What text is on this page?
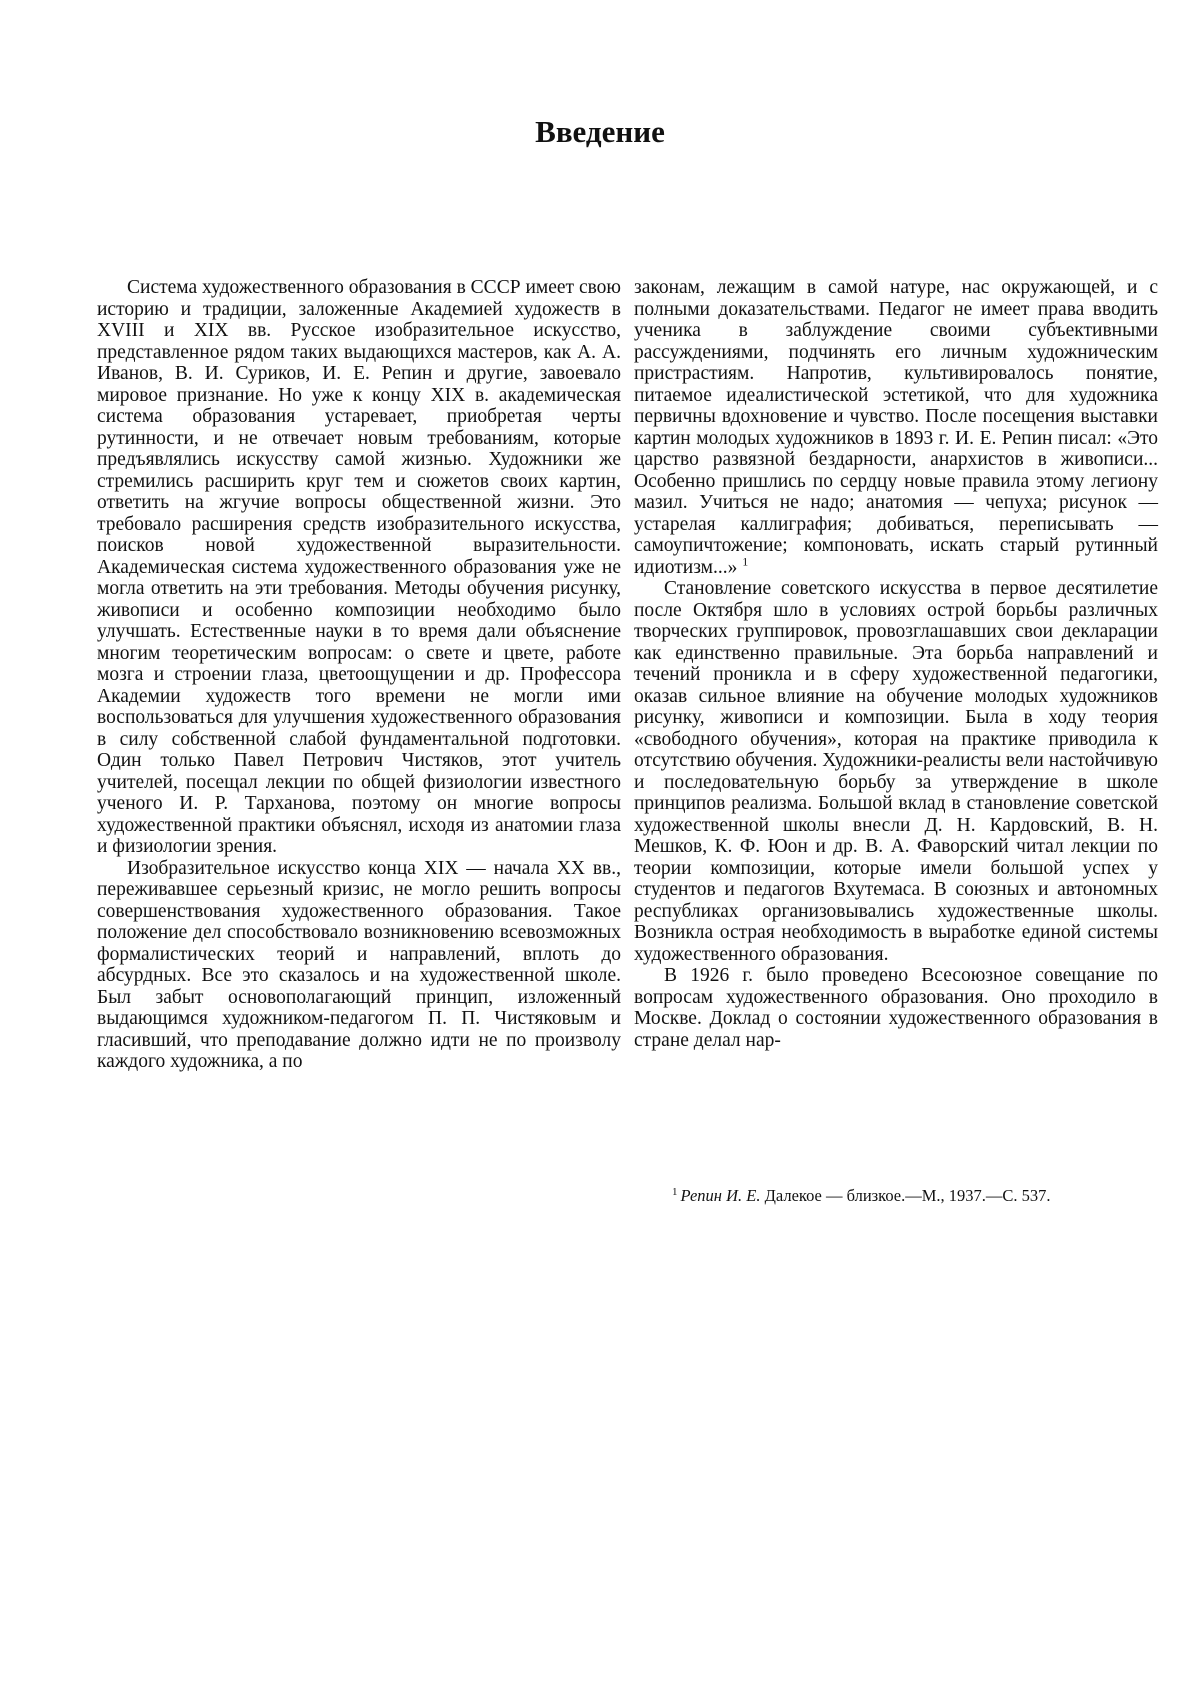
Введение

Система художественного образования в СССР имеет свою историю и традиции, заложенные Академией художеств в XVIII и XIX вв. Русское изобразительное искусство, представленное рядом таких выдающихся мастеров, как А. А. Иванов, В. И. Суриков, И. Е. Репин и другие, завоевало мировое признание. Но уже к концу XIX в. академическая система образования устаревает, приобретая черты рутинности, и не отвечает новым требованиям, которые предъявлялись искусству самой жизнью. Художники же стремились расширить круг тем и сюжетов своих картин, ответить на жгучие вопросы общественной жизни. Это требовало расширения средств изобразительного искусства, поисков новой художественной выразительности. Академическая система художественного образования уже не могла ответить на эти требования. Методы обучения рисунку, живописи и особенно композиции необходимо было улучшать. Естественные науки в то время дали объяснение многим теоретическим вопросам: о свете и цвете, работе мозга и строении глаза, цветоощущении и др. Профессора Академии художеств того времени не могли ими воспользоваться для улучшения художественного образования в силу собственной слабой фундаментальной подготовки. Один только Павел Петрович Чистяков, этот учитель учителей, посещал лекции по общей физиологии известного ученого И. Р. Тарханова, поэтому он многие вопросы художественной практики объяснял, исходя из анатомии глаза и физиологии зрения.

Изобразительное искусство конца XIX — начала XX вв., переживавшее серьезный кризис, не могло решить вопросы совершенствования художественного образования. Такое положение дел способствовало возникновению всевозможных формалистических теорий и направлений, вплоть до абсурдных. Все это сказалось и на художественной школе. Был забыт основополагающий принцип, изложенный выдающимся художником-педагогом П. П. Чистяковым и гласивший, что преподавание должно идти не по произволу каждого художника, а по

законам, лежащим в самой натуре, нас окружающей, и с полными доказательствами. Педагог не имеет права вводить ученика в заблуждение своими субъективными рассуждениями, подчинять его личным художническим пристрастиям. Напротив, культивировалось понятие, питаемое идеалистической эстетикой, что для художника первичны вдохновение и чувство. После посещения выставки картин молодых художников в 1893 г. И. Е. Репин писал: «Это царство развязной бездарности, анархистов в живописи... Особенно пришлись по сердцу новые правила этому легиону мазил. Учиться не надо; анатомия — чепуха; рисунок — устарелая каллиграфия; добиваться, переписывать — самоупичтожение; компоновать, искать старый рутинный идиотизм...» $^1$

Становление советского искусства в первое десятилетие после Октября шло в условиях острой борьбы различных творческих группировок, провозглашавших свои декларации как единственно правильные. Эта борьба направлений и течений проникла и в сферу художественной педагогики, оказав сильное влияние на обучение молодых художников рисунку, живописи и композиции. Была в ходу теория «свободного обучения», которая на практике приводила к отсутствию обучения. Художники-реалисты вели настойчивую и последовательную борьбу за утверждение в школе принципов реализма. Большой вклад в становление советской художественной школы внесли Д. Н. Кардовский, В. Н. Мешков, К. Ф. Юон и др. В. А. Фаворский читал лекции по теории композиции, которые имели большой успех у студентов и педагогов Вхутемаса. В союзных и автономных республиках организовывались художественные школы. Возникла острая необходимость в выработке единой системы художественного образования.

В 1926 г. было проведено Всесоюзное совещание по вопросам художественного образования. Оно проходило в Москве. Доклад о состоянии художественного образования в стране делал нар-

$^1$ Репин И. Е. Далекое — близкое.—М., 1937.—С. 537.
